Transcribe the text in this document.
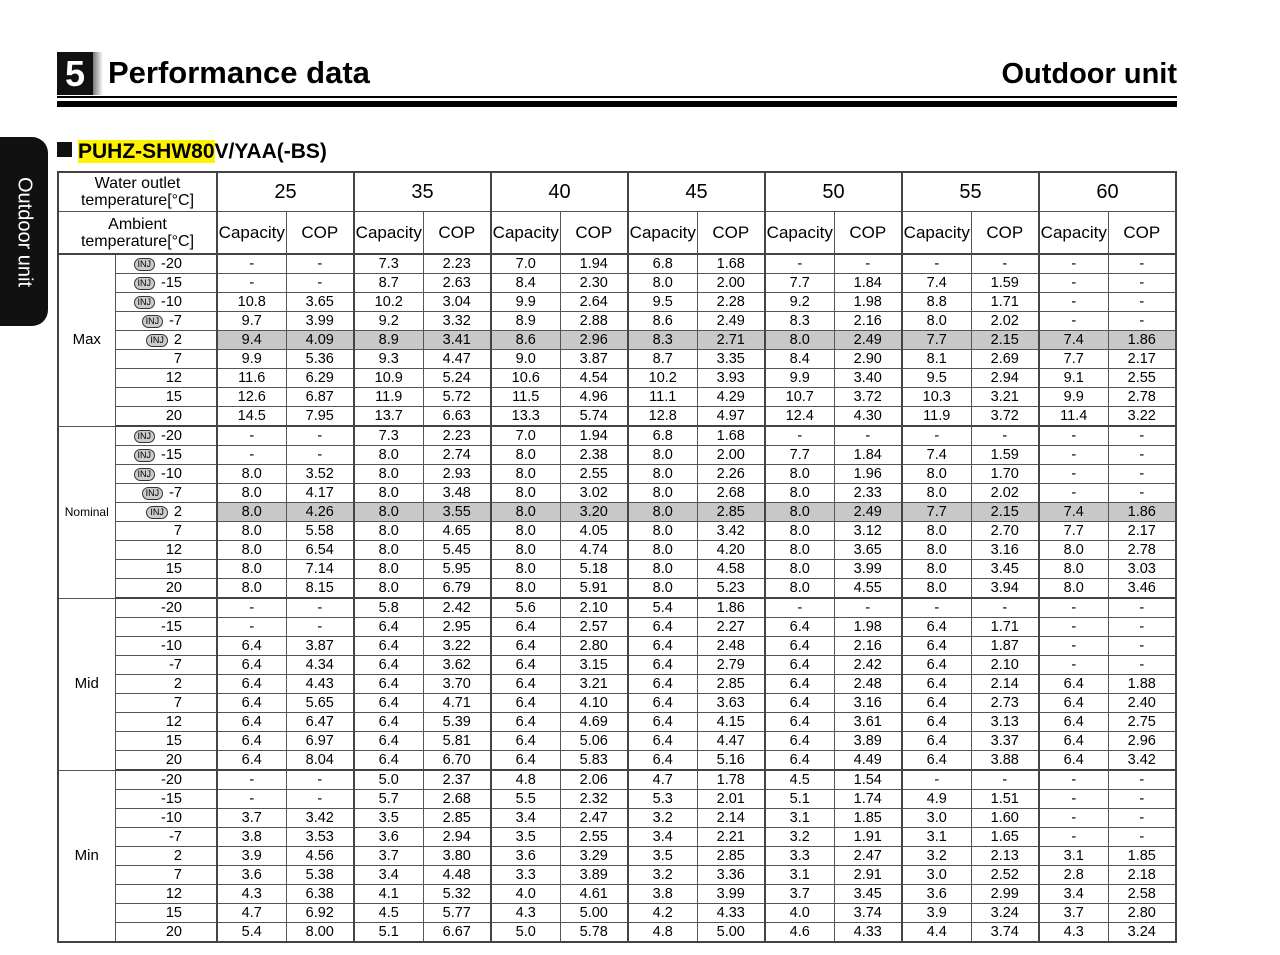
5 Performance data	Outdoor unit
Outdoor unit
PUHZ-SHW80V/YAA(-BS)
Water outlet temperature[°C]		25		35		40		45		50		55		60	
Ambient temperature[°C]		Capacity	COP	Capacity	COP	Capacity	COP	Capacity	COP	Capacity	COP	Capacity	COP	Capacity	COP
Max	INJ -20	-	-	7.3	2.23	7.0	1.94	6.8	1.68	-	-	-	-	-	-
	INJ -15	-	-	8.7	2.63	8.4	2.30	8.0	2.00	7.7	1.84	7.4	1.59	-	-
	INJ -10	10.8	3.65	10.2	3.04	9.9	2.64	9.5	2.28	9.2	1.98	8.8	1.71	-	-
	INJ -7	9.7	3.99	9.2	3.32	8.9	2.88	8.6	2.49	8.3	2.16	8.0	2.02	-	-
	INJ 2	9.4	4.09	8.9	3.41	8.6	2.96	8.3	2.71	8.0	2.49	7.7	2.15	7.4	1.86
	7	9.9	5.36	9.3	4.47	9.0	3.87	8.7	3.35	8.4	2.90	8.1	2.69	7.7	2.17
	12	11.6	6.29	10.9	5.24	10.6	4.54	10.2	3.93	9.9	3.40	9.5	2.94	9.1	2.55
	15	12.6	6.87	11.9	5.72	11.5	4.96	11.1	4.29	10.7	3.72	10.3	3.21	9.9	2.78
	20	14.5	7.95	13.7	6.63	13.3	5.74	12.8	4.97	12.4	4.30	11.9	3.72	11.4	3.22
Nominal	INJ -20	-	-	7.3	2.23	7.0	1.94	6.8	1.68	-	-	-	-	-	-
	INJ -15	-	-	8.0	2.74	8.0	2.38	8.0	2.00	7.7	1.84	7.4	1.59	-	-
	INJ -10	8.0	3.52	8.0	2.93	8.0	2.55	8.0	2.26	8.0	1.96	8.0	1.70	-	-
	INJ -7	8.0	4.17	8.0	3.48	8.0	3.02	8.0	2.68	8.0	2.33	8.0	2.02	-	-
	INJ 2	8.0	4.26	8.0	3.55	8.0	3.20	8.0	2.85	8.0	2.49	7.7	2.15	7.4	1.86
	7	8.0	5.58	8.0	4.65	8.0	4.05	8.0	3.42	8.0	3.12	8.0	2.70	7.7	2.17
	12	8.0	6.54	8.0	5.45	8.0	4.74	8.0	4.20	8.0	3.65	8.0	3.16	8.0	2.78
	15	8.0	7.14	8.0	5.95	8.0	5.18	8.0	4.58	8.0	3.99	8.0	3.45	8.0	3.03
	20	8.0	8.15	8.0	6.79	8.0	5.91	8.0	5.23	8.0	4.55	8.0	3.94	8.0	3.46
Mid	-20	-	-	5.8	2.42	5.6	2.10	5.4	1.86	-	-	-	-	-	-
	-15	-	-	6.4	2.95	6.4	2.57	6.4	2.27	6.4	1.98	6.4	1.71	-	-
	-10	6.4	3.87	6.4	3.22	6.4	2.80	6.4	2.48	6.4	2.16	6.4	1.87	-	-
	-7	6.4	4.34	6.4	3.62	6.4	3.15	6.4	2.79	6.4	2.42	6.4	2.10	-	-
	2	6.4	4.43	6.4	3.70	6.4	3.21	6.4	2.85	6.4	2.48	6.4	2.14	6.4	1.88
	7	6.4	5.65	6.4	4.71	6.4	4.10	6.4	3.63	6.4	3.16	6.4	2.73	6.4	2.40
	12	6.4	6.47	6.4	5.39	6.4	4.69	6.4	4.15	6.4	3.61	6.4	3.13	6.4	2.75
	15	6.4	6.97	6.4	5.81	6.4	5.06	6.4	4.47	6.4	3.89	6.4	3.37	6.4	2.96
	20	6.4	8.04	6.4	6.70	6.4	5.83	6.4	5.16	6.4	4.49	6.4	3.88	6.4	3.42
Min	-20	-	-	5.0	2.37	4.8	2.06	4.7	1.78	4.5	1.54	-	-	-	-
	-15	-	-	5.7	2.68	5.5	2.32	5.3	2.01	5.1	1.74	4.9	1.51	-	-
	-10	3.7	3.42	3.5	2.85	3.4	2.47	3.2	2.14	3.1	1.85	3.0	1.60	-	-
	-7	3.8	3.53	3.6	2.94	3.5	2.55	3.4	2.21	3.2	1.91	3.1	1.65	-	-
	2	3.9	4.56	3.7	3.80	3.6	3.29	3.5	2.85	3.3	2.47	3.2	2.13	3.1	1.85
	7	3.6	5.38	3.4	4.48	3.3	3.89	3.2	3.36	3.1	2.91	3.0	2.52	2.8	2.18
	12	4.3	6.38	4.1	5.32	4.0	4.61	3.8	3.99	3.7	3.45	3.6	2.99	3.4	2.58
	15	4.7	6.92	4.5	5.77	4.3	5.00	4.2	4.33	4.0	3.74	3.9	3.24	3.7	2.80
	20	5.4	8.00	5.1	6.67	5.0	5.78	4.8	5.00	4.6	4.33	4.4	3.74	4.3	3.24
